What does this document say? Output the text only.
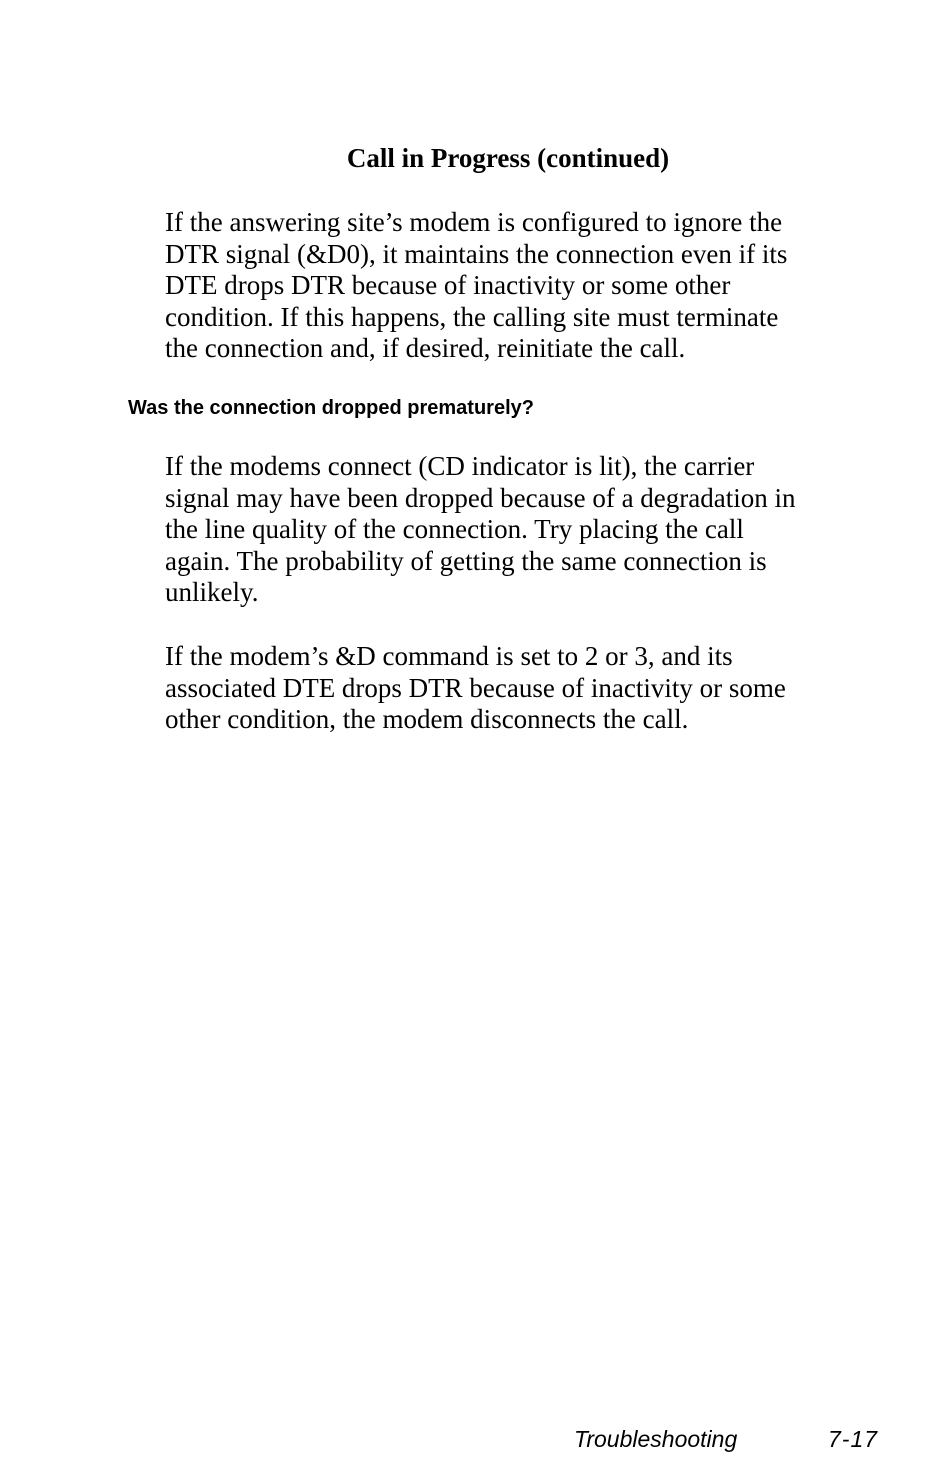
Call in Progress (continued)

If the answering site’s modem is configured to ignore the
DTR signal (&D0), it maintains the connection even if its
DTE drops DTR because of inactivity or some other
condition. If this happens, the calling site must terminate
the connection and, if desired, reinitiate the call.

Was the connection dropped prematurely?

If the modems connect (CD indicator is lit), the carrier
signal may have been dropped because of a degradation in
the line quality of the connection. Try placing the call
again. The probability of getting the same connection is
unlikely.

If the modem’s &D command is set to 2 or 3, and its
associated DTE drops DTR because of inactivity or some
other condition, the modem disconnects the call.

Troubleshooting	7-17
